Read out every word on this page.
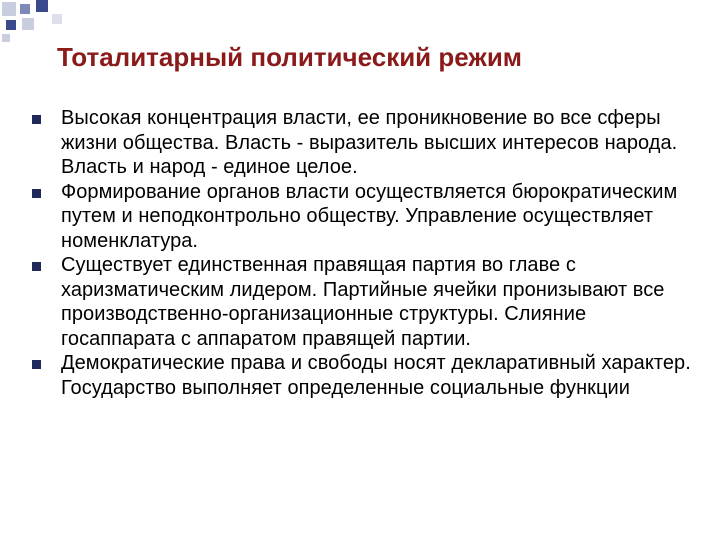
Тоталитарный политический режим
Высокая концентрация власти, ее проникновение во все сферы жизни общества. Власть - выразитель высших интересов народа. Власть и народ - единое целое.
Формирование органов власти осуществляется бюрократическим путем и неподконтрольно обществу. Управление осуществляет номенклатура.
Существует единственная правящая партия во главе с харизматическим лидером. Партийные ячейки пронизывают все производственно-организационные структуры. Слияние госаппарата с аппаратом правящей партии.
Демократические права и свободы носят декларативный характер. Государство выполняет определенные социальные функции
